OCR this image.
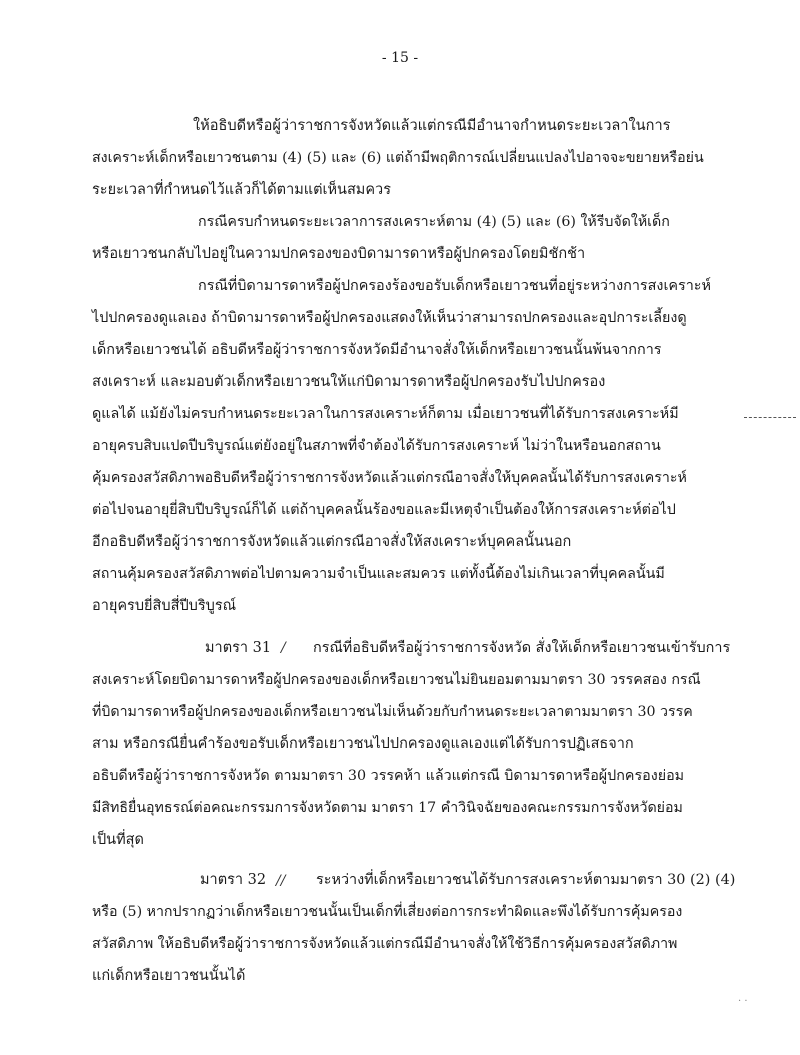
- 15 -
ให้อธิบดีหรือผู้ว่าราชการจังหวัดแล้วแต่กรณีมีอำนาจกำหนดระยะเวลาในการ
สงเคราะห์เด็กหรือเยาวชนตาม (4) (5) และ (6) แต่ถ้ามีพฤติการณ์เปลี่ยนแปลงไปอาจจะขยายหรือย่น
ระยะเวลาที่กำหนดไว้แล้วก็ได้ตามแต่เห็นสมควร
กรณีครบกำหนดระยะเวลาการสงเคราะห์ตาม (4) (5) และ (6) ให้รีบจัดให้เด็ก
หรือเยาวชนกลับไปอยู่ในความปกครองของบิดามารดาหรือผู้ปกครองโดยมิชักช้า
กรณีที่บิดามารดาหรือผู้ปกครองร้องขอรับเด็กหรือเยาวชนที่อยู่ระหว่างการสงเคราะห์
ไปปกครองดูแลเอง ถ้าบิดามารดาหรือผู้ปกครองแสดงให้เห็นว่าสามารถปกครองและอุปการะเลี้ยงดู
เด็กหรือเยาวชนได้ อธิบดีหรือผู้ว่าราชการจังหวัดมีอำนาจสั่งให้เด็กหรือเยาวชนนั้นพ้นจากการ
สงเคราะห์ และมอบตัวเด็กหรือเยาวชนให้แก่บิดามารดาหรือผู้ปกครองรับไปปกครอง
ดูแลได้ แม้ยังไม่ครบกำหนดระยะเวลาในการสงเคราะห์ก็ตาม เมื่อเยาวชนที่ได้รับการสงเคราะห์มี
อายุครบสิบแปดปีบริบูรณ์แต่ยังอยู่ในสภาพที่จำต้องได้รับการสงเคราะห์ ไม่ว่าในหรือนอกสถาน
คุ้มครองสวัสดิภาพอธิบดีหรือผู้ว่าราชการจังหวัดแล้วแต่กรณีอาจสั่งให้บุคคลนั้นได้รับการสงเคราะห์
ต่อไปจนอายุยี่สิบปีบริบูรณ์ก็ได้ แต่ถ้าบุคคลนั้นร้องขอและมีเหตุจำเป็นต้องให้การสงเคราะห์ต่อไป
อีกอธิบดีหรือผู้ว่าราชการจังหวัดแล้วแต่กรณีอาจสั่งให้สงเคราะห์บุคคลนั้นนอก
สถานคุ้มครองสวัสดิภาพต่อไปตามความจำเป็นและสมควร แต่ทั้งนี้ต้องไม่เกินเวลาที่บุคคลนั้นมี
อายุครบยี่สิบสี่ปีบริบูรณ์
มาตรา 31 / กรณีที่อธิบดีหรือผู้ว่าราชการจังหวัด สั่งให้เด็กหรือเยาวชนเข้ารับการ
สงเคราะห์โดยบิดามารดาหรือผู้ปกครองของเด็กหรือเยาวชนไม่ยินยอมตามมาตรา 30 วรรคสอง กรณี
ที่บิดามารดาหรือผู้ปกครองของเด็กหรือเยาวชนไม่เห็นด้วยกับกำหนดระยะเวลาตามมาตรา 30 วรรค
สาม หรือกรณียื่นคำร้องขอรับเด็กหรือเยาวชนไปปกครองดูแลเองแต่ได้รับการปฏิเสธจาก
อธิบดีหรือผู้ว่าราชการจังหวัด ตามมาตรา 30 วรรคห้า แล้วแต่กรณี บิดามารดาหรือผู้ปกครองย่อม
มีสิทธิยื่นอุทธรณ์ต่อคณะกรรมการจังหวัดตาม มาตรา 17 คำวินิจฉัยของคณะกรรมการจังหวัดย่อม
เป็นที่สุด
มาตรา 32 // ระหว่างที่เด็กหรือเยาวชนได้รับการสงเคราะห์ตามมาตรา 30 (2) (4)
หรือ (5) หากปรากฏว่าเด็กหรือเยาวชนนั้นเป็นเด็กที่เสี่ยงต่อการกระทำผิดและพึงได้รับการคุ้มครอง
สวัสดิภาพ ให้อธิบดีหรือผู้ว่าราชการจังหวัดแล้วแต่กรณีมีอำนาจสั่งให้ใช้วิธีการคุ้มครองสวัสดิภาพ
แก่เด็กหรือเยาวชนนั้นได้
· ·
